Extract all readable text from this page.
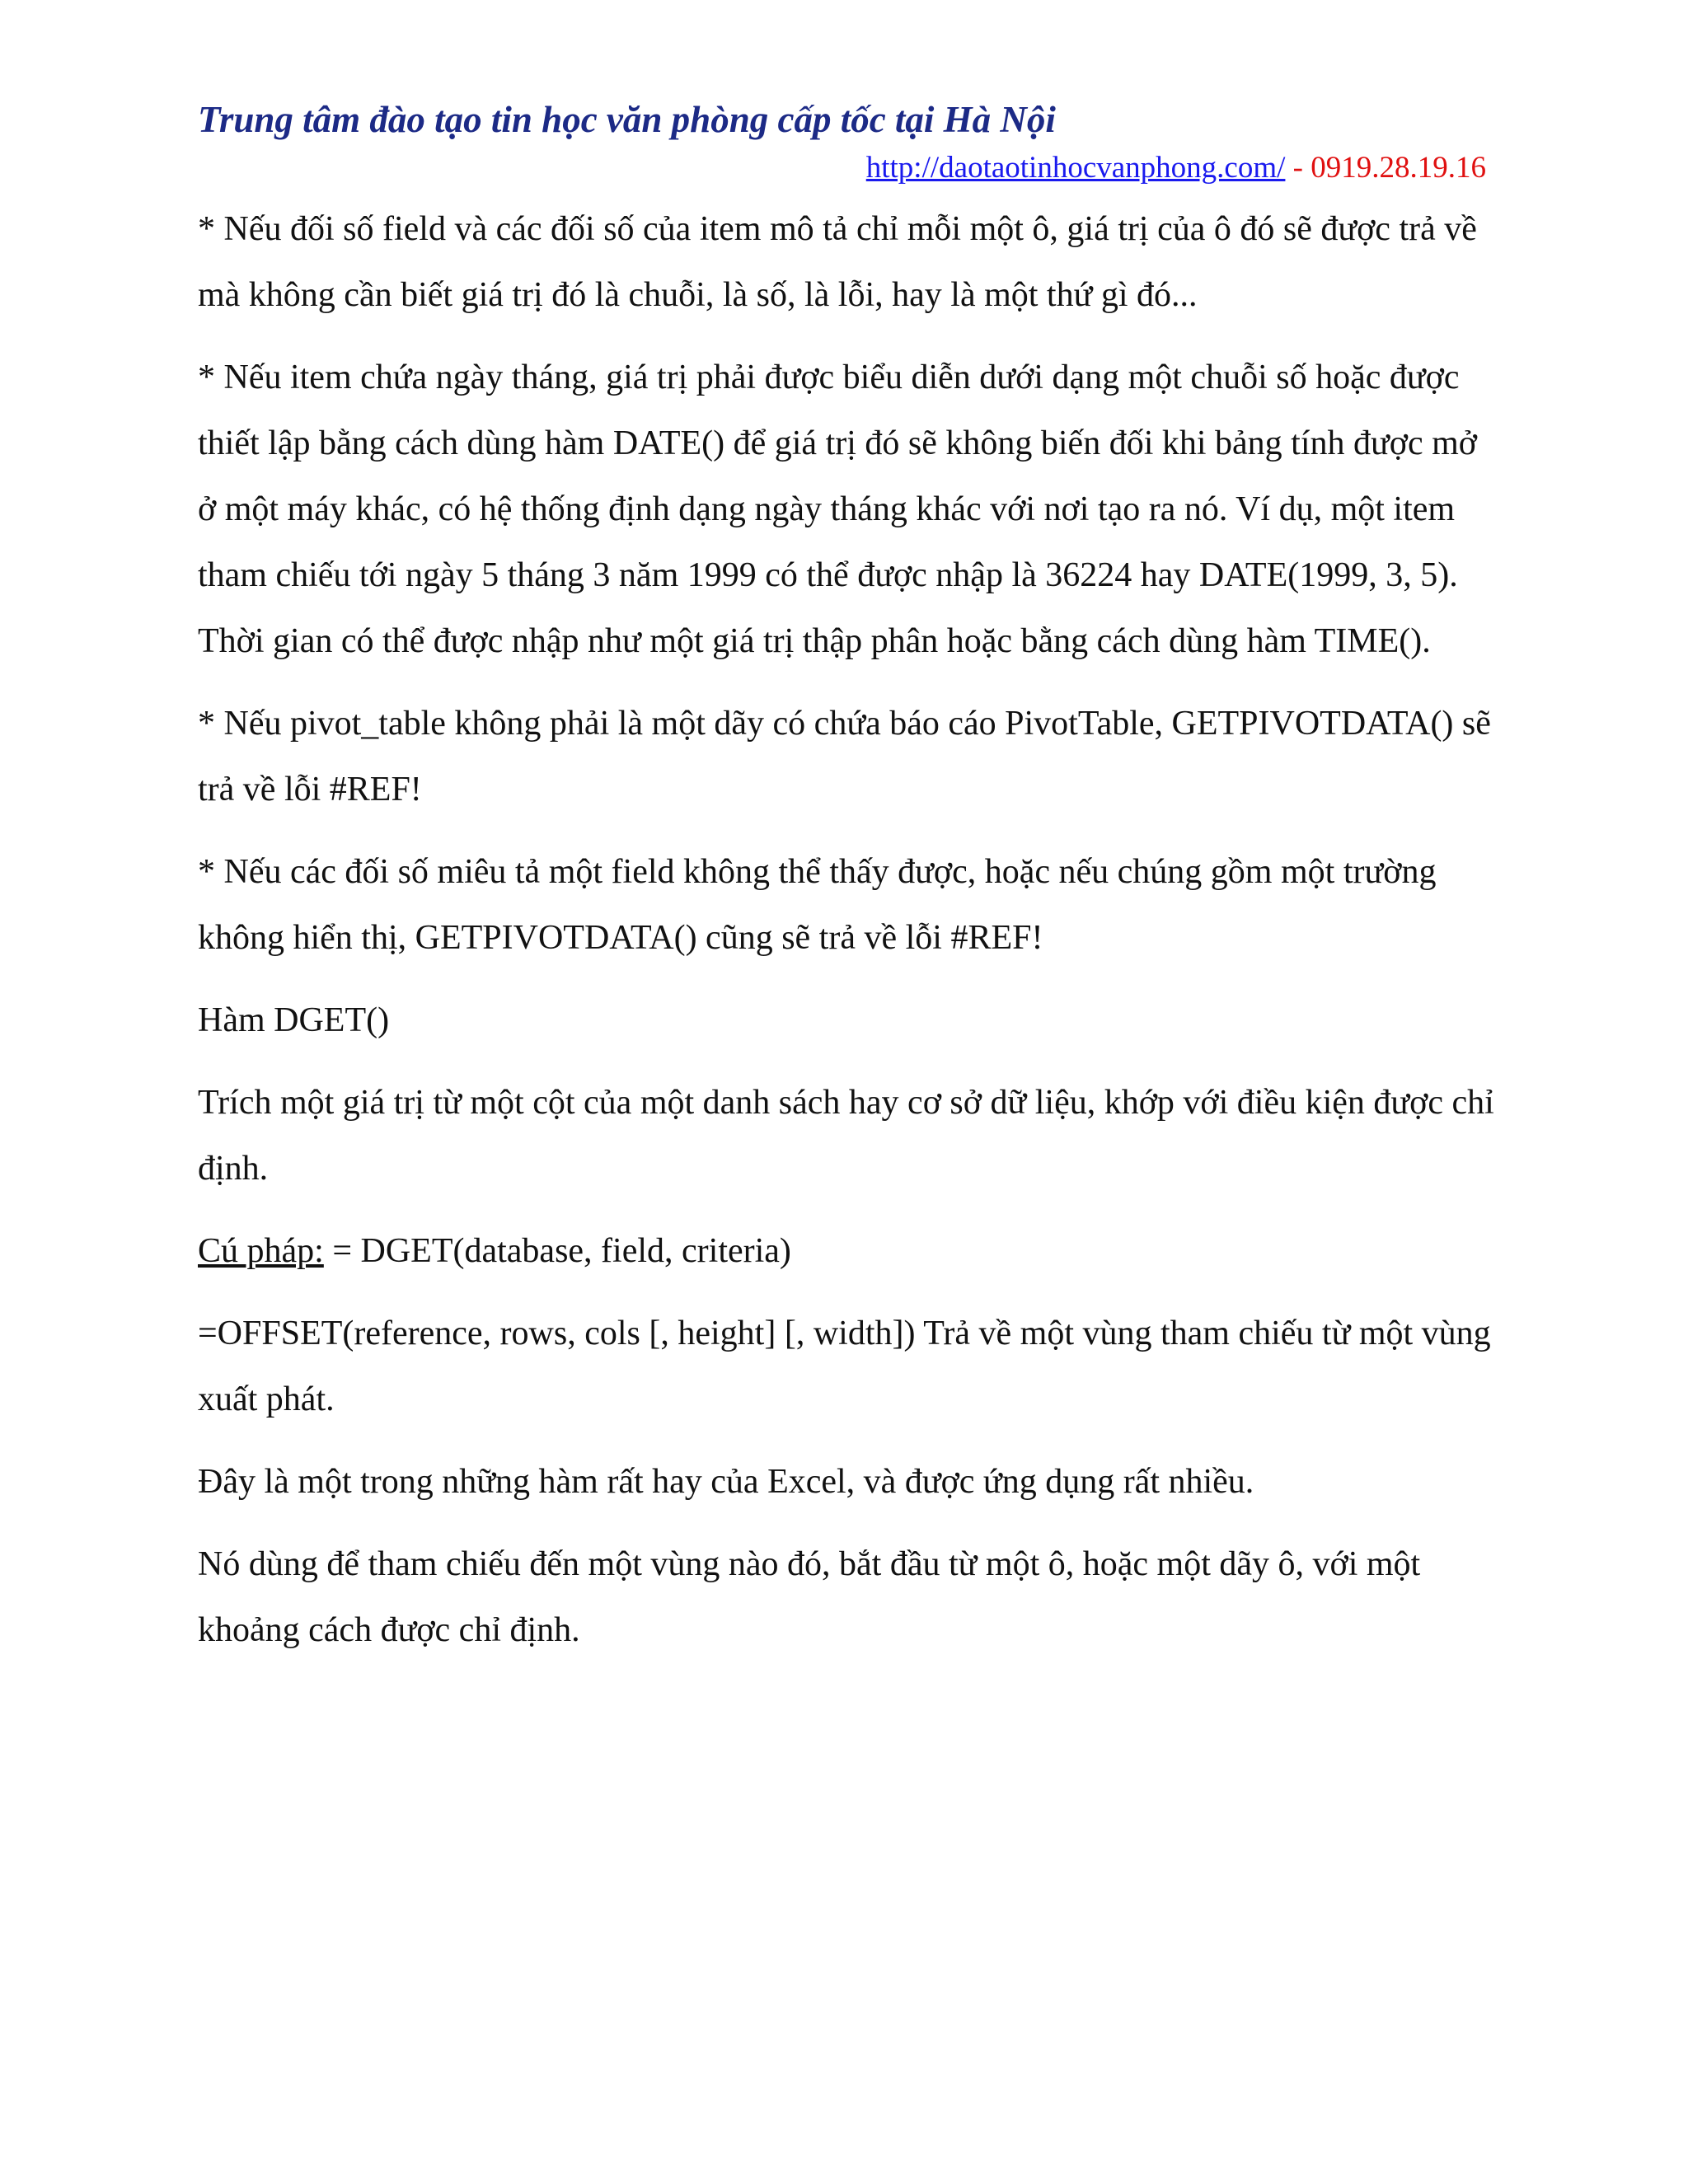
Trung tâm đào tạo tin học văn phòng cấp tốc tại Hà Nội
http://daotaotinhocvanphong.com/ - 0919.28.19.16

* Nếu đối số field và các đối số của item mô tả chỉ mỗi một ô, giá trị của ô đó sẽ được trả về mà không cần biết giá trị đó là chuỗi, là số, là lỗi, hay là một thứ gì đó...

* Nếu item chứa ngày tháng, giá trị phải được biểu diễn dưới dạng một chuỗi số hoặc được thiết lập bằng cách dùng hàm DATE() để giá trị đó sẽ không biến đối khi bảng tính được mở ở một máy khác, có hệ thống định dạng ngày tháng khác với nơi tạo ra nó. Ví dụ, một item tham chiếu tới ngày 5 tháng 3 năm 1999 có thể được nhập là 36224 hay DATE(1999, 3, 5). Thời gian có thể được nhập như một giá trị thập phân hoặc bằng cách dùng hàm TIME().

* Nếu pivot_table không phải là một dãy có chứa báo cáo PivotTable, GETPIVOTDATA() sẽ trả về lỗi #REF!

* Nếu các đối số miêu tả một field không thể thấy được, hoặc nếu chúng gồm một trường không hiển thị, GETPIVOTDATA() cũng sẽ trả về lỗi #REF!

Hàm DGET()

Trích một giá trị từ một cột của một danh sách hay cơ sở dữ liệu, khớp với điều kiện được chỉ định.

Cú pháp: = DGET(database, field, criteria)

=OFFSET(reference, rows, cols [, height] [, width]) Trả về một vùng tham chiếu từ một vùng xuất phát.

Đây là một trong những hàm rất hay của Excel, và được ứng dụng rất nhiều.

Nó dùng để tham chiếu đến một vùng nào đó, bắt đầu từ một ô, hoặc một dãy ô, với một khoảng cách được chỉ định.
